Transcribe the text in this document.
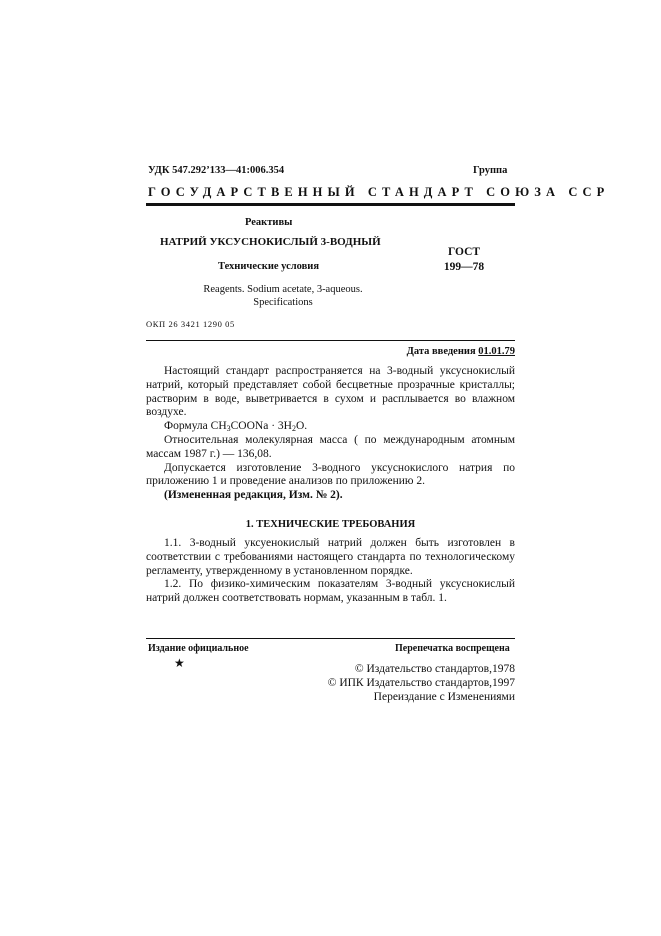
УДК 547.292’133—41:006.354	Группа
ГОСУДАРСТВЕННЫЙ СТАНДАРТ СОЮЗА ССР
Реактивы
НАТРИЙ УКСУСНОКИСЛЫЙ 3-ВОДНЫЙ
Технические условия
ГОСТ
199—78
Reagents. Sodium acetate, 3-aqueous.
Specifications
ОКП 26 3421 1290 05
Дата введения 01.01.79

Настоящий стандарт распространяется на 3-водный уксуснокислый натрий, который представляет собой бесцветные прозрачные кристаллы; растворим в воде, выветривается в сухом и расплывается во влажном воздухе.

Формула $CH_3COONa \cdot 3H_2O$.

Относительная молекулярная масса ( по международным атомным массам 1987 г.) — 136,08.

Допускается изготовление 3-водного уксуснокислого натрия по приложению 1 и проведение анализов по приложению 2.

(Измененная редакция, Изм. № 2).

1. ТЕХНИЧЕСКИЕ ТРЕБОВАНИЯ

1.1. 3-водный уксуенокислый натрий должен быть изготовлен в соответствии с требованиями настоящего стандарта по технологическому регламенту, утвержденному в установленном порядке.

1.2. По физико-химическим показателям 3-водный уксуснокислый натрий должен соответствовать нормам, указанным в табл. 1.

Издание официальное	Перепечатка воспрещена
★	© Издательство стандартов,1978
© ИПК Издательство стандартов,1997
Переиздание с Изменениями
